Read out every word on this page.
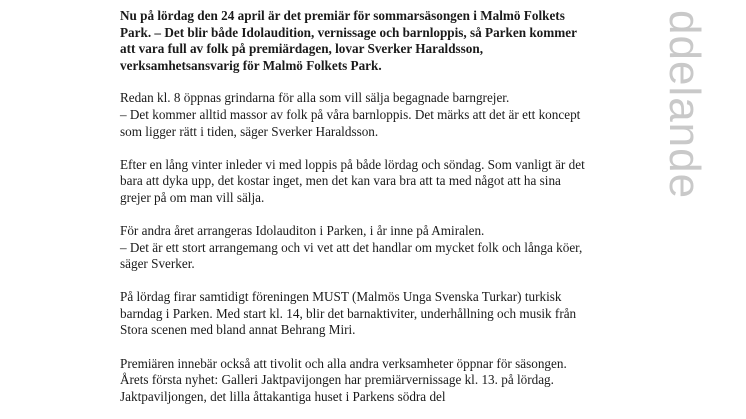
ddelande

Nu på lördag den 24 april är det premiär för sommarsäsongen i Malmö Folkets Park. – Det blir både Idolaudition, vernissage och barnloppis, så Parken kommer att vara full av folk på premiärdagen, lovar Sverker Haraldsson, verksamhetsansvarig för Malmö Folkets Park.

Redan kl. 8 öppnas grindarna för alla som vill sälja begagnade barngrejer.
– Det kommer alltid massor av folk på våra barnloppis. Det märks att det är ett koncept som ligger rätt i tiden, säger Sverker Haraldsson.

Efter en lång vinter inleder vi med loppis på både lördag och söndag. Som vanligt är det bara att dyka upp, det kostar inget, men det kan vara bra att ta med något att ha sina grejer på om man vill sälja.

För andra året arrangeras Idolauditon i Parken, i år inne på Amiralen.
– Det är ett stort arrangemang och vi vet att det handlar om mycket folk och långa köer, säger Sverker.

På lördag firar samtidigt föreningen MUST (Malmös Unga Svenska Turkar) turkisk barndag i Parken. Med start kl. 14, blir det barnaktiviter, underhållning och musik från Stora scenen med bland annat Behrang Miri.

Premiären innebär också att tivolit och alla andra verksamheter öppnar för säsongen. Årets första nyhet: Galleri Jaktpavijongen har premiärvernissage kl. 13. på lördag. Jaktpaviljongen, det lilla åttakantiga huset i Parkens södra del
